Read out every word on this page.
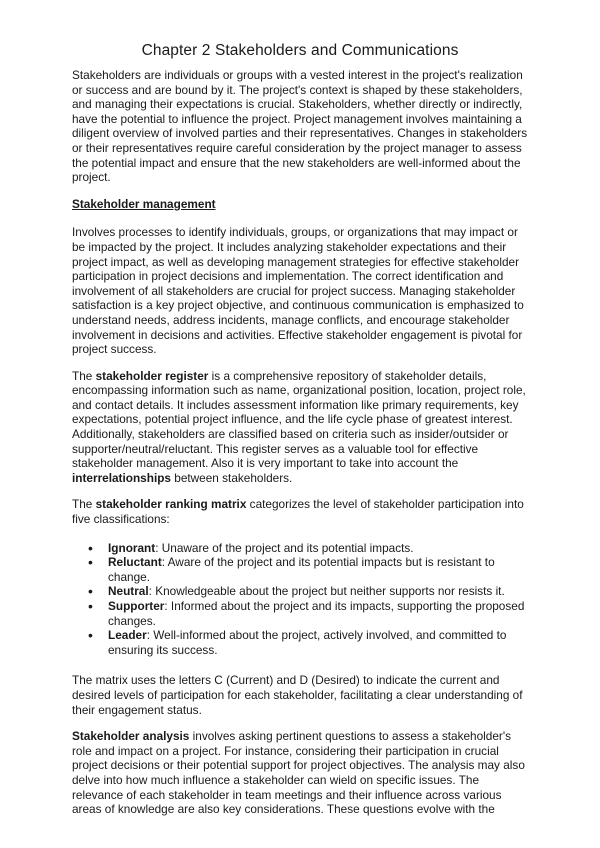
Chapter 2 Stakeholders and Communications

Stakeholders are individuals or groups with a vested interest in the project's realization or success and are bound by it. The project's context is shaped by these stakeholders, and managing their expectations is crucial. Stakeholders, whether directly or indirectly, have the potential to influence the project. Project management involves maintaining a diligent overview of involved parties and their representatives. Changes in stakeholders or their representatives require careful consideration by the project manager to assess the potential impact and ensure that the new stakeholders are well-informed about the project.

Stakeholder management

Involves processes to identify individuals, groups, or organizations that may impact or be impacted by the project. It includes analyzing stakeholder expectations and their project impact, as well as developing management strategies for effective stakeholder participation in project decisions and implementation. The correct identification and involvement of all stakeholders are crucial for project success. Managing stakeholder satisfaction is a key project objective, and continuous communication is emphasized to understand needs, address incidents, manage conflicts, and encourage stakeholder involvement in decisions and activities. Effective stakeholder engagement is pivotal for project success.

The stakeholder register is a comprehensive repository of stakeholder details, encompassing information such as name, organizational position, location, project role, and contact details. It includes assessment information like primary requirements, key expectations, potential project influence, and the life cycle phase of greatest interest. Additionally, stakeholders are classified based on criteria such as insider/outsider or supporter/neutral/reluctant. This register serves as a valuable tool for effective stakeholder management. Also it is very important to take into account the interrelationships between stakeholders.

The stakeholder ranking matrix categorizes the level of stakeholder participation into five classifications:

• Ignorant: Unaware of the project and its potential impacts.
• Reluctant: Aware of the project and its potential impacts but is resistant to change.
• Neutral: Knowledgeable about the project but neither supports nor resists it.
• Supporter: Informed about the project and its impacts, supporting the proposed changes.
• Leader: Well-informed about the project, actively involved, and committed to ensuring its success.

The matrix uses the letters C (Current) and D (Desired) to indicate the current and desired levels of participation for each stakeholder, facilitating a clear understanding of their engagement status.

Stakeholder analysis involves asking pertinent questions to assess a stakeholder's role and impact on a project. For instance, considering their participation in crucial project decisions or their potential support for project objectives. The analysis may also delve into how much influence a stakeholder can wield on specific issues. The relevance of each stakeholder in team meetings and their influence across various areas of knowledge are also key considerations. These questions evolve with the
